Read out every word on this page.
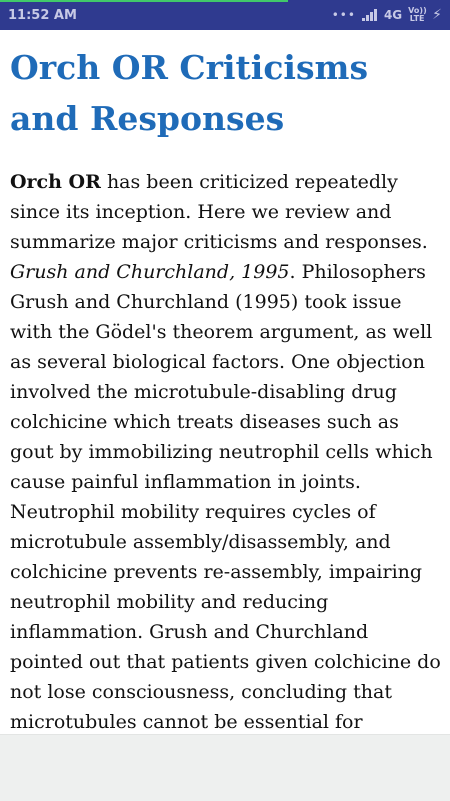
11:52 AM	••• 4G Vo)) LTE ⚡
Orch OR Criticisms and Responses

Orch OR has been criticized repeatedly since its inception. Here we review and summarize major criticisms and responses. Grush and Churchland, 1995. Philosophers Grush and Churchland (1995) took issue with the Gödel's theorem argument, as well as several biological factors. One objection involved the microtubule-disabling drug colchicine which treats diseases such as gout by immobilizing neutrophil cells which cause painful inflammation in joints. Neutrophil mobility requires cycles of microtubule assembly/disassembly, and colchicine prevents re-assembly, impairing neutrophil mobility and reducing inflammation. Grush and Churchland pointed out that patients given colchicine do not lose consciousness, concluding that microtubules cannot be essential for
